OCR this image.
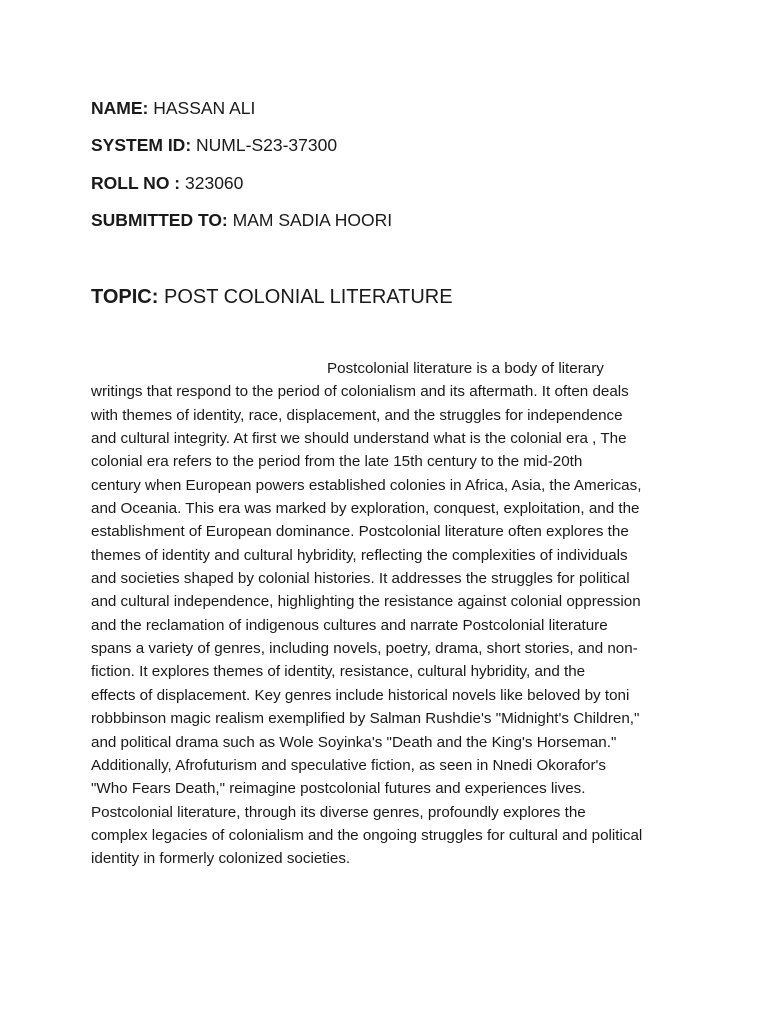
NAME: HASSAN ALI
SYSTEM ID: NUML-S23-37300
ROLL NO : 323060
SUBMITTED TO: MAM SADIA HOORI
TOPIC: POST COLONIAL LITERATURE
Postcolonial literature is a body of literary
writings that respond to the period of colonialism and its aftermath. It often deals
with themes of identity, race, displacement, and the struggles for independence
and cultural integrity. At first we should understand what is the colonial era , The
colonial era refers to the period from the late 15th century to the mid-20th
century when European powers established colonies in Africa, Asia, the Americas,
and Oceania. This era was marked by exploration, conquest, exploitation, and the
establishment of European dominance. Postcolonial literature often explores the
themes of identity and cultural hybridity, reflecting the complexities of individuals
and societies shaped by colonial histories. It addresses the struggles for political
and cultural independence, highlighting the resistance against colonial oppression
and the reclamation of indigenous cultures and narrate Postcolonial literature
spans a variety of genres, including novels, poetry, drama, short stories, and non-
fiction. It explores themes of identity, resistance, cultural hybridity, and the
effects of displacement. Key genres include historical novels like beloved by toni
robbbinson magic realism exemplified by Salman Rushdie's "Midnight's Children,"
and political drama such as Wole Soyinka's "Death and the King's Horseman."
Additionally, Afrofuturism and speculative fiction, as seen in Nnedi Okorafor's
"Who Fears Death," reimagine postcolonial futures and experiences lives.
Postcolonial literature, through its diverse genres, profoundly explores the
complex legacies of colonialism and the ongoing struggles for cultural and political
identity in formerly colonized societies.
